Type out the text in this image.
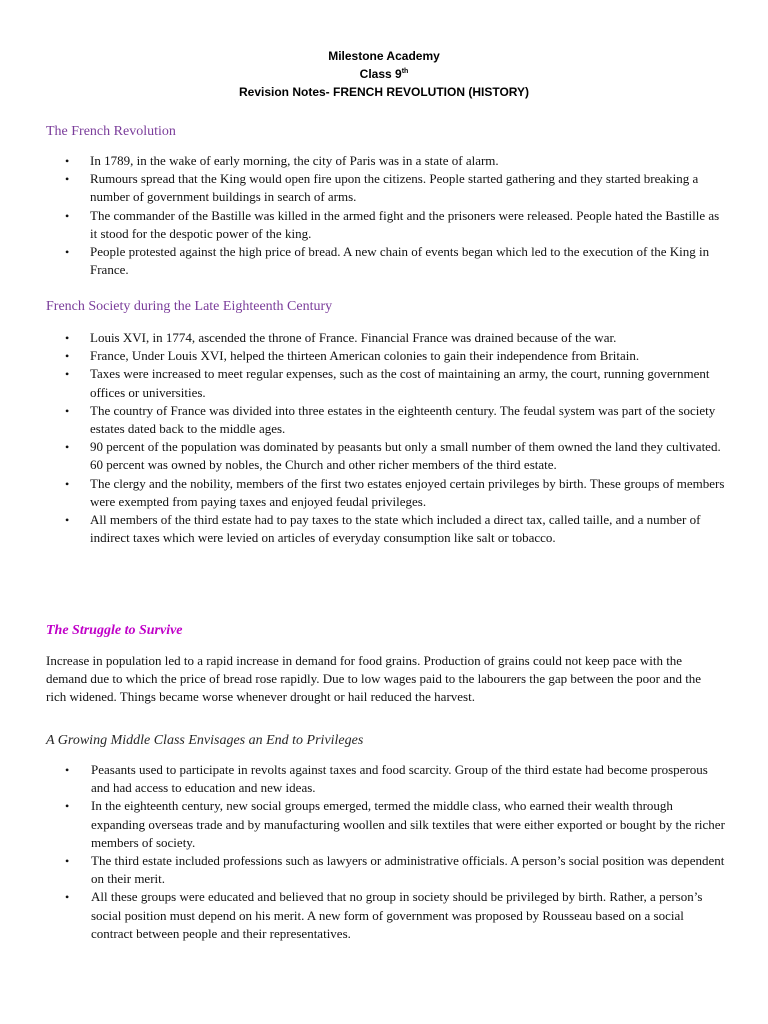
Milestone Academy
Class 9th
Revision Notes- FRENCH REVOLUTION (HISTORY)
The French Revolution
• In 1789, in the wake of early morning, the city of Paris was in a state of alarm.
• Rumours spread that the King would open fire upon the citizens. People started gathering and they started breaking a number of government buildings in search of arms.
• The commander of the Bastille was killed in the armed fight and the prisoners were released. People hated the Bastille as it stood for the despotic power of the king.
• People protested against the high price of bread. A new chain of events began which led to the execution of the King in France.
French Society during the Late Eighteenth Century
• Louis XVI, in 1774, ascended the throne of France. Financial France was drained because of the war.
• France, Under Louis XVI, helped the thirteen American colonies to gain their independence from Britain.
• Taxes were increased to meet regular expenses, such as the cost of maintaining an army, the court, running government offices or universities.
• The country of France was divided into three estates in the eighteenth century. The feudal system was part of the society estates dated back to the middle ages.
• 90 percent of the population was dominated by peasants but only a small number of them owned the land they cultivated. 60 percent was owned by nobles, the Church and other richer members of the third estate.
• The clergy and the nobility, members of the first two estates enjoyed certain privileges by birth. These groups of members were exempted from paying taxes and enjoyed feudal privileges.
• All members of the third estate had to pay taxes to the state which included a direct tax, called taille, and a number of indirect taxes which were levied on articles of everyday consumption like salt or tobacco.
The Struggle to Survive
Increase in population led to a rapid increase in demand for food grains. Production of grains could not keep pace with the demand due to which the price of bread rose rapidly. Due to low wages paid to the labourers the gap between the poor and the rich widened. Things became worse whenever drought or hail reduced the harvest.
A Growing Middle Class Envisages an End to Privileges
• Peasants used to participate in revolts against taxes and food scarcity. Group of the third estate had become prosperous and had access to education and new ideas.
• In the eighteenth century, new social groups emerged, termed the middle class, who earned their wealth through expanding overseas trade and by manufacturing woollen and silk textiles that were either exported or bought by the richer members of society.
• The third estate included professions such as lawyers or administrative officials. A person’s social position was dependent on their merit.
• All these groups were educated and believed that no group in society should be privileged by birth. Rather, a person’s social position must depend on his merit. A new form of government was proposed by Rousseau based on a social contract between people and their representatives.
